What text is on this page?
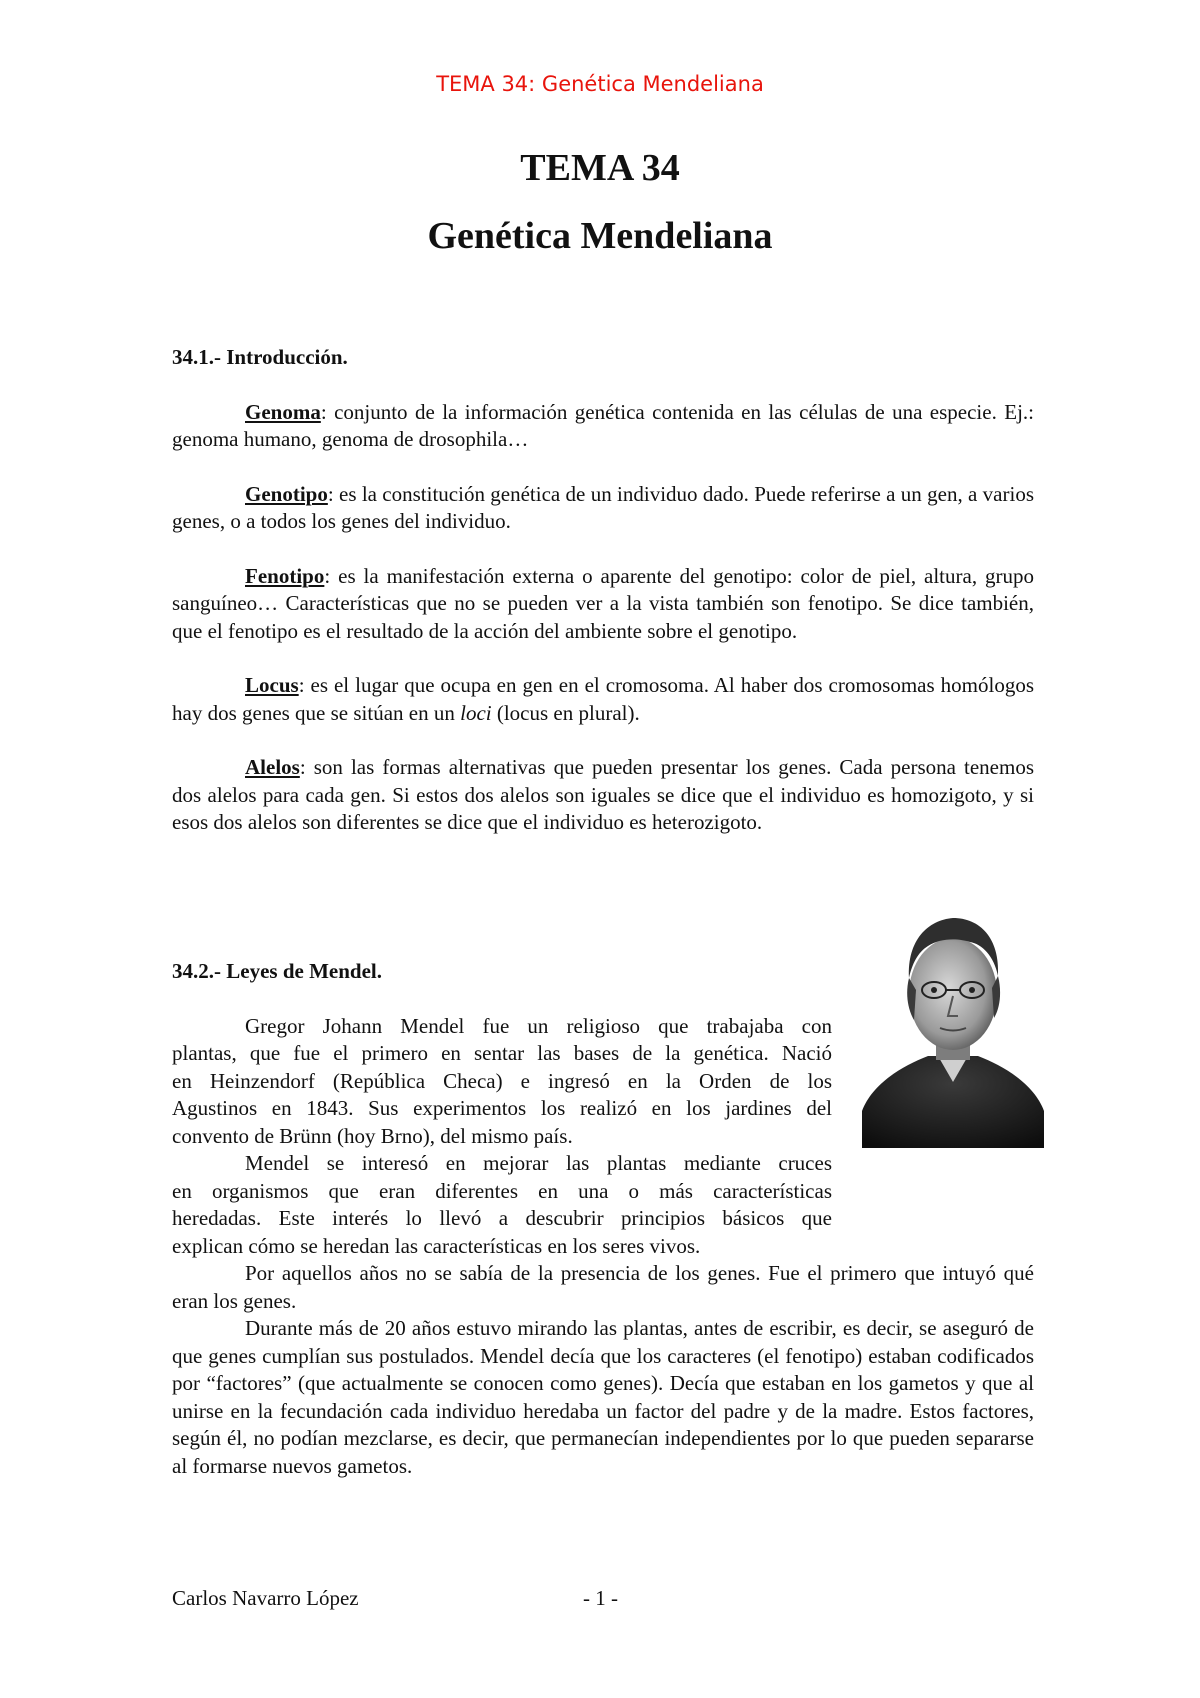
TEMA 34: Genética Mendeliana
TEMA 34
Genética Mendeliana

34.1.- Introducción.

Genoma: conjunto de la información genética contenida en las células de una especie. Ej.: genoma humano, genoma de drosophila…

Genotipo: es la constitución genética de un individuo dado. Puede referirse a un gen, a varios genes, o a todos los genes del individuo.

Fenotipo: es la manifestación externa o aparente del genotipo: color de piel, altura, grupo sanguíneo… Características que no se pueden ver a la vista también son fenotipo. Se dice también, que el fenotipo es el resultado de la acción del ambiente sobre el genotipo.

Locus: es el lugar que ocupa en gen en el cromosoma. Al haber dos cromosomas homólogos hay dos genes que se sitúan en un loci (locus en plural).

Alelos: son las formas alternativas que pueden presentar los genes. Cada persona tenemos dos alelos para cada gen. Si estos dos alelos son iguales se dice que el individuo es homozigoto, y si esos dos alelos son diferentes se dice que el individuo es heterozigoto.

34.2.- Leyes de Mendel.

Gregor Johann Mendel fue un religioso que trabajaba con

plantas, que fue el primero en sentar las bases de la genética. Nació

en Heinzendorf (República Checa) e ingresó en la Orden de los

Agustinos en 1843. Sus experimentos los realizó en los jardines del

convento de Brünn (hoy Brno), del mismo país.

Mendel se interesó en mejorar las plantas mediante cruces

en organismos que eran diferentes en una o más características

heredadas. Este interés lo llevó a descubrir principios básicos que

explican cómo se heredan las características en los seres vivos.

Por aquellos años no se sabía de la presencia de los genes. Fue el primero que intuyó qué eran los genes.

Durante más de 20 años estuvo mirando las plantas, antes de escribir, es decir, se aseguró de que genes cumplían sus postulados. Mendel decía que los caracteres (el fenotipo) estaban codificados por “factores” (que actualmente se conocen como genes). Decía que estaban en los gametos y que al unirse en la fecundación cada individuo heredaba un factor del padre y de la madre. Estos factores, según él, no podían mezclarse, es decir, que permanecían independientes por lo que pueden separarse al formarse nuevos gametos.

Carlos Navarro López	- 1 -
